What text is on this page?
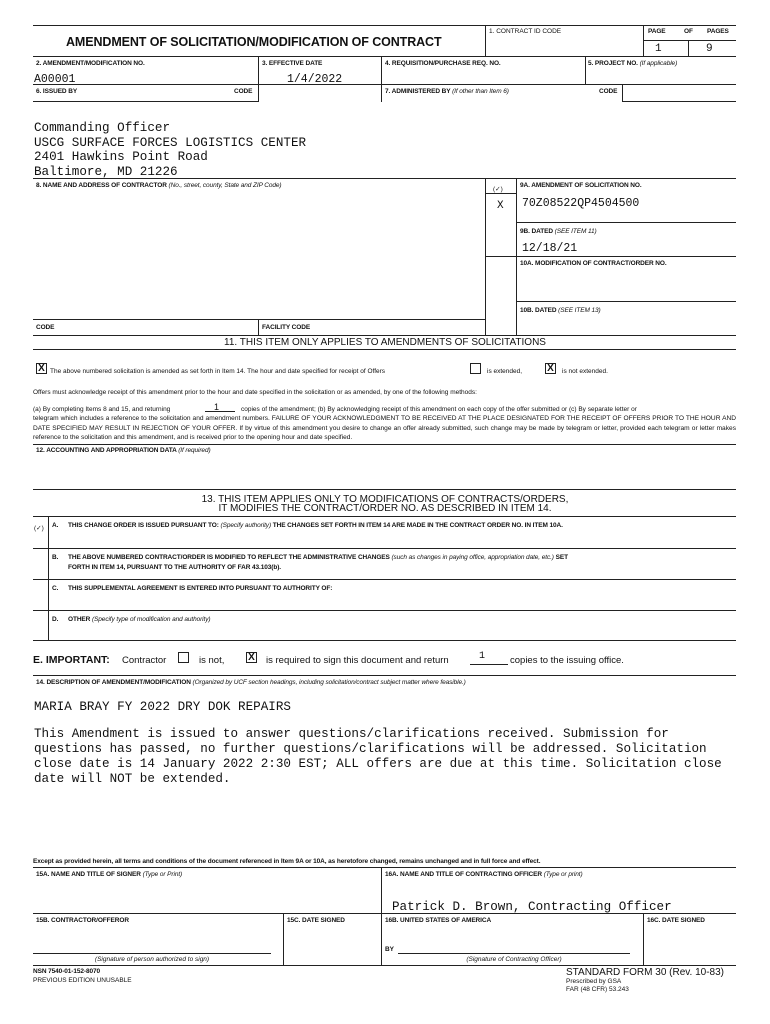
AMENDMENT OF SOLICITATION/MODIFICATION OF CONTRACT
1. CONTRACT ID CODE	PAGE	OF PAGES
1	9
2. AMENDMENT/MODIFICATION NO.
A00001
3. EFFECTIVE DATE
1/4/2022
4. REQUISITION/PURCHASE REQ. NO.	5. PROJECT NO. (If applicable)
6. ISSUED BY	CODE	7. ADMINISTERED BY (If other than Item 6)	CODE
Commanding Officer
USCG SURFACE FORCES LOGISTICS CENTER
2401 Hawkins Point Road
Baltimore, MD 21226
8. NAME AND ADDRESS OF CONTRACTOR (No., street, county, State and ZIP Code)
(✓)
9A. AMENDMENT OF SOLICITATION NO.
X 70Z08522QP4504500
9B. DATED (SEE ITEM 11)
12/18/21
10A. MODIFICATION OF CONTRACT/ORDER NO.
10B. DATED (SEE ITEM 13)
CODE	FACILITY CODE
11. THIS ITEM ONLY APPLIES TO AMENDMENTS OF SOLICITATIONS
X The above numbered solicitation is amended as set forth in Item 14. The hour and date specified for receipt of Offers	is extended,	X	is not extended.
Offers must acknowledge receipt of this amendment prior to the hour and date specified in the solicitation or as amended, by one of the following methods:
(a) By completing Items 8 and 15, and returning	1	copies of the amendment; (b) By acknowledging receipt of this amendment on each copy of the offer submitted or (c) By separate letter or
telegram which includes a reference to the solicitation and amendment numbers. FAILURE OF YOUR ACKNOWLEDGMENT TO BE RECEIVED AT THE PLACE DESIGNATED FOR THE RECEIPT OF OFFERS PRIOR TO THE HOUR AND DATE SPECIFIED MAY RESULT IN REJECTION OF YOUR OFFER. If by virtue of this amendment you desire to change an offer already submitted, such change may be made by telegram or letter, provided each telegram or letter makes reference to the solicitation and this amendment, and is received prior to the opening hour and date specified.
12. ACCOUNTING AND APPROPRIATION DATA (If required)
13. THIS ITEM APPLIES ONLY TO MODIFICATIONS OF CONTRACTS/ORDERS,
IT MODIFIES THE CONTRACT/ORDER NO. AS DESCRIBED IN ITEM 14.
(✓) A. THIS CHANGE ORDER IS ISSUED PURSUANT TO: (Specify authority) THE CHANGES SET FORTH IN ITEM 14 ARE MADE IN THE CONTRACT ORDER NO. IN ITEM 10A.
B. THE ABOVE NUMBERED CONTRACT/ORDER IS MODIFIED TO REFLECT THE ADMINISTRATIVE CHANGES (such as changes in paying office, appropriation date, etc.) SET
FORTH IN ITEM 14, PURSUANT TO THE AUTHORITY OF FAR 43.103(b).
C. THIS SUPPLEMENTAL AGREEMENT IS ENTERED INTO PURSUANT TO AUTHORITY OF:
D. OTHER (Specify type of modification and authority)
E. IMPORTANT: Contractor	is not, X is required to sign this document and return	1	copies to the issuing office.
14. DESCRIPTION OF AMENDMENT/MODIFICATION (Organized by UCF section headings, including solicitation/contract subject matter where feasible.)
MARIA BRAY FY 2022 DRY DOK REPAIRS
This Amendment is issued to answer questions/clarifications received. Submission for questions has passed, no further questions/clarifications will be addressed. Solicitation close date is 14 January 2022 2:30 EST; ALL offers are due at this time. Solicitation close date will NOT be extended.
Except as provided herein, all terms and conditions of the document referenced in Item 9A or 10A, as heretofore changed, remains unchanged and in full force and effect.
15A. NAME AND TITLE OF SIGNER (Type or Print)	16A. NAME AND TITLE OF CONTRACTING OFFICER (Type or print)
Patrick D. Brown, Contracting Officer
15B. CONTRACTOR/OFFEROR	15C. DATE SIGNED	16B. UNITED STATES OF AMERICA	16C. DATE SIGNED
(Signature of person authorized to sign)
BY
(Signature of Contracting Officer)
NSN 7540-01-152-8070
PREVIOUS EDITION UNUSABLE
STANDARD FORM 30 (Rev. 10-83)
Prescribed by GSA
FAR (48 CFR) 53.243
